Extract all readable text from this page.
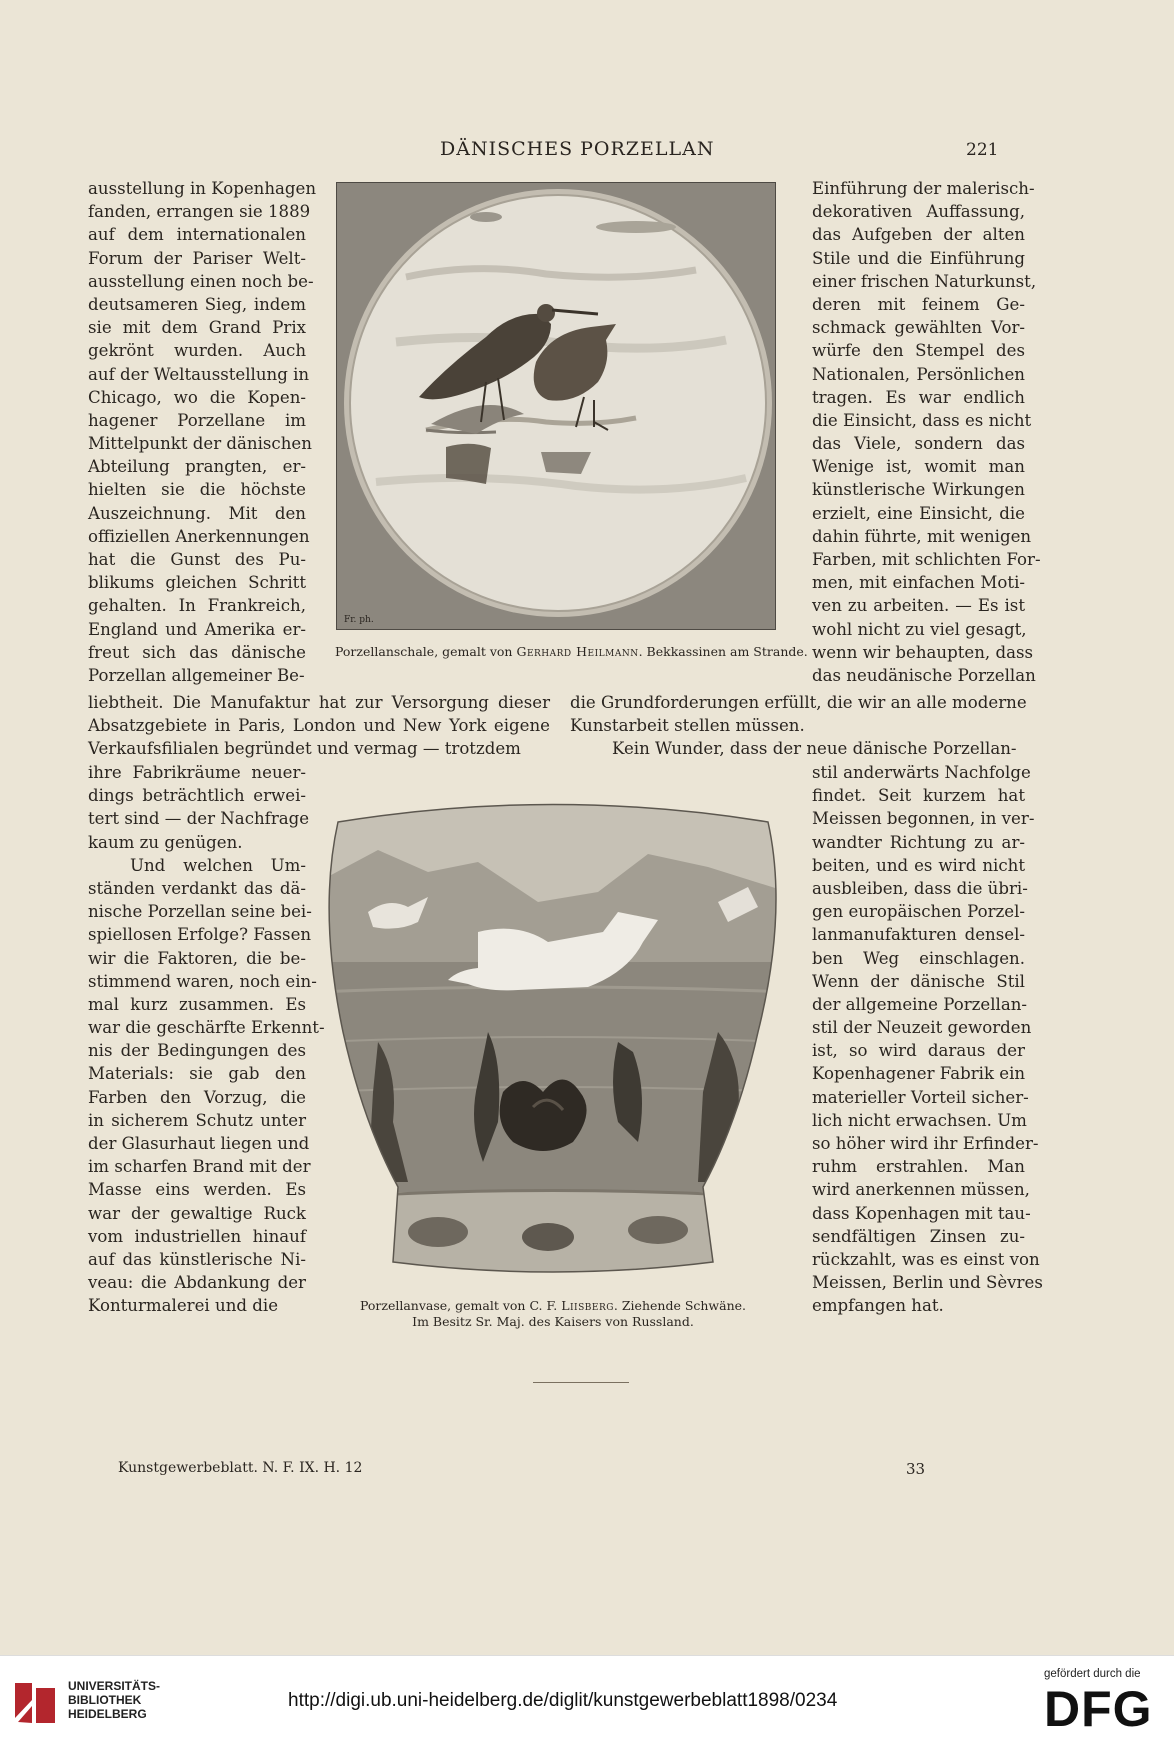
DÄNISCHES PORZELLAN	221
ausstellung in Kopenhagen
fanden, errangen sie 1889
auf dem internationalen
Forum der Pariser Welt-
ausstellung einen noch be-
deutsameren Sieg, indem
sie mit dem Grand Prix
gekrönt wurden. Auch
auf der Weltausstellung in
Chicago, wo die Kopen-
hagener Porzellane im
Mittelpunkt der dänischen
Abteilung prangten, er-
hielten sie die höchste
Auszeichnung. Mit den
offiziellen Anerkennungen
hat die Gunst des Pu-
blikums gleichen Schritt
gehalten. In Frankreich,
England und Amerika er-
freut sich das dänische
Porzellan allgemeiner Be-
Einführung der malerisch-
dekorativen Auffassung,
das Aufgeben der alten
Stile und die Einführung
einer frischen Naturkunst,
deren mit feinem Ge-
schmack gewählten Vor-
würfe den Stempel des
Nationalen, Persönlichen
tragen. Es war endlich
die Einsicht, dass es nicht
das Viele, sondern das
Wenige ist, womit man
künstlerische Wirkungen
erzielt, eine Einsicht, die
dahin führte, mit wenigen
Farben, mit schlichten For-
men, mit einfachen Moti-
ven zu arbeiten. — Es ist
wohl nicht zu viel gesagt,
wenn wir behaupten, dass
das neudänische Porzellan
Fr. ph.
Porzellanschale, gemalt von Gerhard Heilmann. Bekkassinen am Strande.
liebtheit. Die Manufaktur hat zur Versorgung dieser
Absatzgebiete in Paris, London und New York eigene
Verkaufsfilialen begründet und vermag — trotzdem
die Grundforderungen erfüllt, die wir an alle moderne
Kunstarbeit stellen müssen.
Kein Wunder, dass der neue dänische Porzellan-
ihre Fabrikräume neuer-
dings beträchtlich erwei-
tert sind — der Nachfrage
kaum zu genügen.
Und welchen Um-
ständen verdankt das dä-
nische Porzellan seine bei-
spiellosen Erfolge? Fassen
wir die Faktoren, die be-
stimmend waren, noch ein-
mal kurz zusammen. Es
war die geschärfte Erkennt-
nis der Bedingungen des
Materials: sie gab den
Farben den Vorzug, die
in sicherem Schutz unter
der Glasurhaut liegen und
im scharfen Brand mit der
Masse eins werden. Es
war der gewaltige Ruck
vom industriellen hinauf
auf das künstlerische Ni-
veau: die Abdankung der
Konturmalerei und die
stil anderwärts Nachfolge
findet. Seit kurzem hat
Meissen begonnen, in ver-
wandter Richtung zu ar-
beiten, und es wird nicht
ausbleiben, dass die übri-
gen europäischen Porzel-
lanmanufakturen densel-
ben Weg einschlagen.
Wenn der dänische Stil
der allgemeine Porzellan-
stil der Neuzeit geworden
ist, so wird daraus der
Kopenhagener Fabrik ein
materieller Vorteil sicher-
lich nicht erwachsen. Um
so höher wird ihr Erfinder-
ruhm erstrahlen. Man
wird anerkennen müssen,
dass Kopenhagen mit tau-
sendfältigen Zinsen zu-
rückzahlt, was es einst von
Meissen, Berlin und Sèvres
empfangen hat.
Porzellanvase, gemalt von C. F. Liisberg. Ziehende Schwäne.
Im Besitz Sr. Maj. des Kaisers von Russland.
Kunstgewerbeblatt. N. F. IX. H. 12	33
UNIVERSITÄTS-
BIBLIOTHEK
HEIDELBERG
http://digi.ub.uni-heidelberg.de/diglit/kunstgewerbeblatt1898/0234
gefördert durch die
DFG
